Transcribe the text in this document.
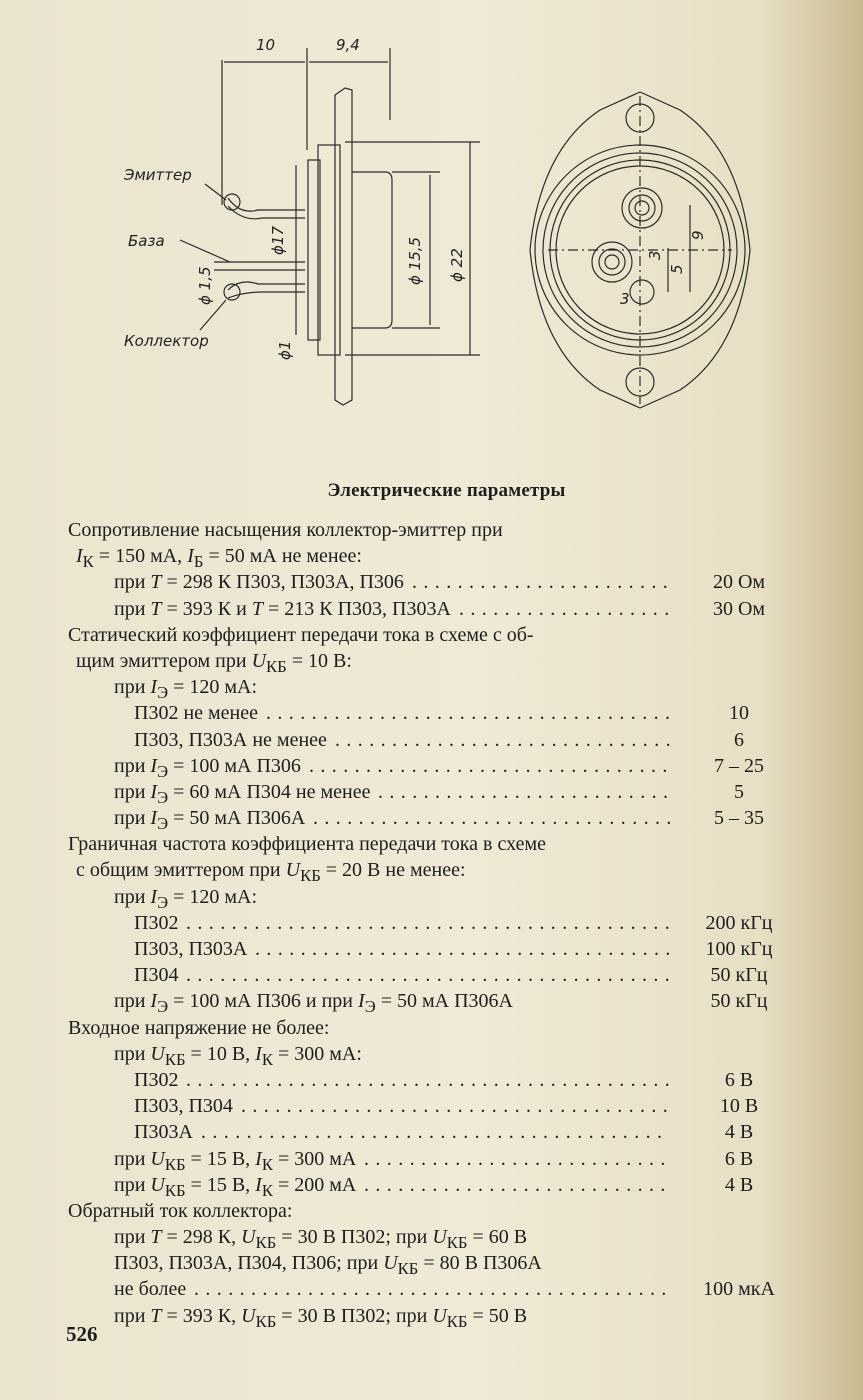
10	9,4
Эмиттер
База
Коллектор
ϕ17	ϕ 15,5 ϕ 22
ϕ 1,5
ϕ1
9
5
3
3
Электрические параметры
Сопротивление насыщения коллектор-эмиттер при
$I_К = 150$ мА, $I_Б = 50$ мА не менее:
при T = 298 К П303, П303А, П306 .......................	20 Ом
при T = 393 К и T = 213 К П303, П303А ...................	30 Ом
Статический коэффициент передачи тока в схеме с об-
щим эмиттером при $U_{КБ} = 10$ В:
при $I_Э = 120$ мА:
П302 не менее ....................................	10
П303, П303А не менее ..............................	6
при $I_Э = 100$ мА П306 ................................	7 – 25
при $I_Э = 60$ мА П304 не менее ..........................	5
при $I_Э = 50$ мА П306А ................................	5 – 35
Граничная частота коэффициента передачи тока в схеме
с общим эмиттером при $U_{КБ} = 20$ В не менее:
при $I_Э = 120$ мА:
П302 ...........................................	200 кГц
П303, П303А .....................................	100 кГц
П304 ...........................................	50 кГц
при $I_Э = 100$ мА П306 и при $I_Э = 50$ мА П306А	50 кГц
Входное напряжение не более:
при $U_{КБ} = 10$ В, $I_К = 300$ мА:
П302 ...........................................	6 В
П303, П304 ......................................	10 В
П303А .........................................	4 В
при $U_{КБ} = 15$ В, $I_К = 300$ мА ...........................	6 В
при $U_{КБ} = 15$ В, $I_К = 200$ мА ...........................	4 В
Обратный ток коллектора:
при T = 298 К, $U_{КБ} = 30$ В П302; при $U_{КБ} = 60$ В
П303, П303А, П304, П306; при $U_{КБ} = 80$ В П306А
не более ..........................................	100 мкА
при T = 393 К, $U_{КБ} = 30$ В П302; при $U_{КБ} = 50$ В
526
